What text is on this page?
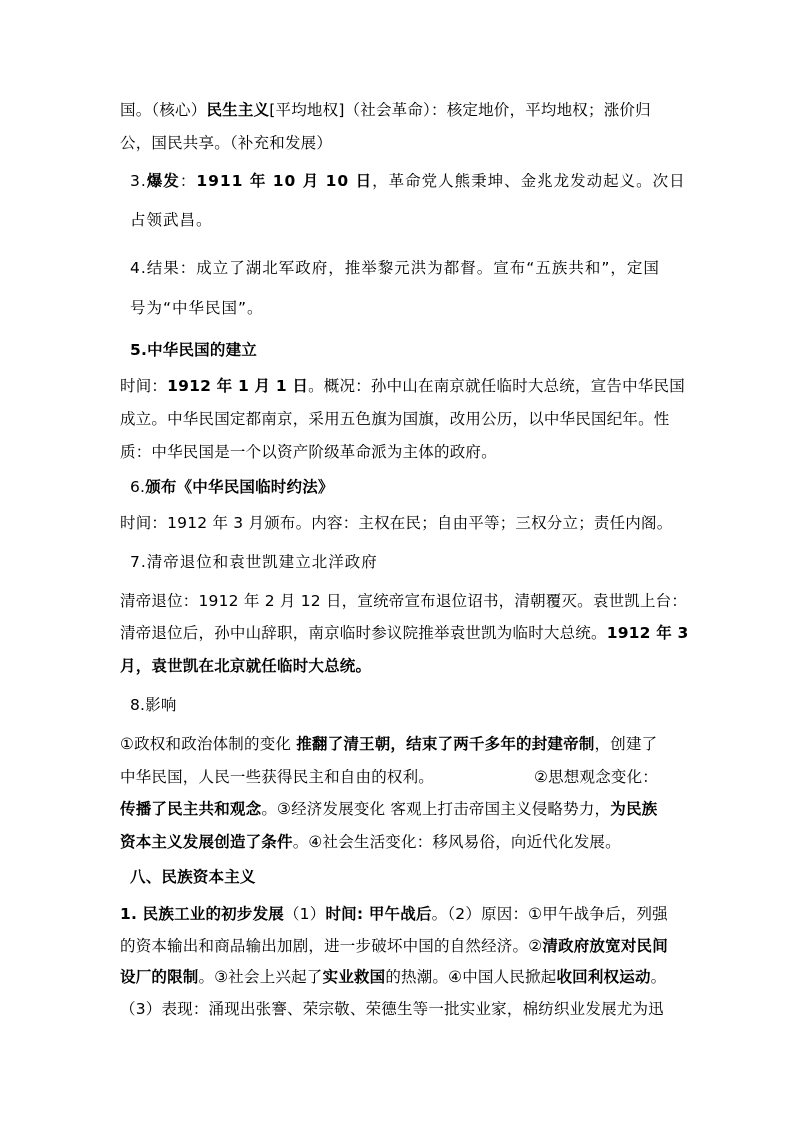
国。（核心）民生主义[平均地权]（社会革命）：核定地价，平均地权；涨价归
公，国民共享。（补充和发展）
3.爆发：1911 年 10 月 10 日，革命党人熊秉坤、金兆龙发动起义。次日
占领武昌。
4.结果：成立了湖北军政府，推举黎元洪为都督。宣布“五族共和”，定国
号为“中华民国”。
5.中华民国的建立
时间：1912 年 1 月 1 日。概况：孙中山在南京就任临时大总统，宣告中华民国
成立。中华民国定都南京，采用五色旗为国旗，改用公历，以中华民国纪年。性
质：中华民国是一个以资产阶级革命派为主体的政府。
6.颁布《中华民国临时约法》
时间：1912 年 3 月颁布。内容：主权在民；自由平等；三权分立；责任内阁。
7.清帝退位和袁世凯建立北洋政府
清帝退位：1912 年 2 月 12 日，宣统帝宣布退位诏书，清朝覆灭。袁世凯上台：
清帝退位后，孙中山辞职，南京临时参议院推举袁世凯为临时大总统。1912 年 3
月，袁世凯在北京就任临时大总统。
8.影响
①政权和政治体制的变化 推翻了清王朝，结束了两千多年的封建帝制，创建了
中华民国，人民一些获得民主和自由的权利。	②思想观念变化：
传播了民主共和观念。③经济发展变化 客观上打击帝国主义侵略势力，为民族
资本主义发展创造了条件。④社会生活变化：移风易俗，向近代化发展。
八、民族资本主义
1. 民族工业的初步发展（1）时间: 甲午战后。（2）原因：①甲午战争后，列强
的资本输出和商品输出加剧，进一步破坏中国的自然经济。②清政府放宽对民间
设厂的限制。③社会上兴起了实业救国的热潮。④中国人民掀起收回利权运动。
（3）表现：涌现出张謇、荣宗敬、荣德生等一批实业家，棉纺织业发展尤为迅
